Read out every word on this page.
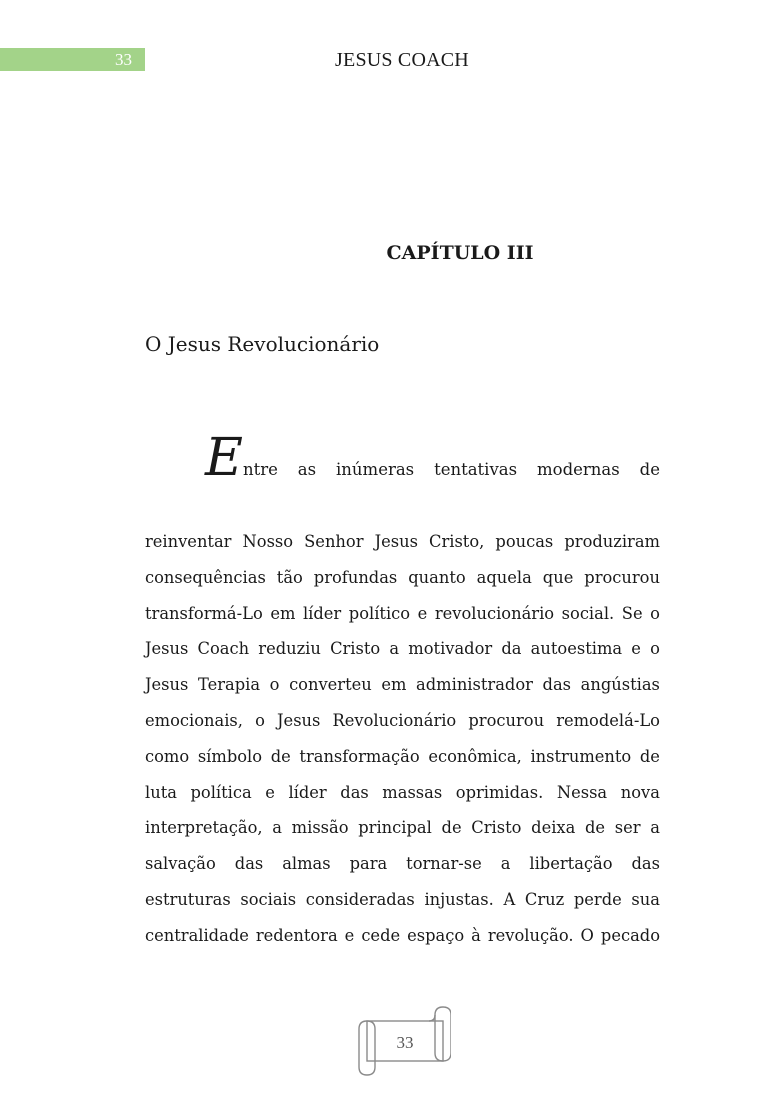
33	JESUS COACH
CAPÍTULO III
O Jesus Revolucionário
Entre as inúmeras tentativas modernas de
reinventar Nosso Senhor Jesus Cristo, poucas produziram
consequências tão profundas quanto aquela que procurou
transformá-Lo em líder político e revolucionário social. Se o
Jesus Coach reduziu Cristo a motivador da autoestima e o
Jesus Terapia o converteu em administrador das angústias
emocionais, o Jesus Revolucionário procurou remodelá-Lo
como símbolo de transformação econômica, instrumento de
luta política e líder das massas oprimidas. Nessa nova
interpretação, a missão principal de Cristo deixa de ser a
salvação das almas para tornar-se a libertação das
estruturas sociais consideradas injustas. A Cruz perde sua
centralidade redentora e cede espaço à revolução. O pecado
33
